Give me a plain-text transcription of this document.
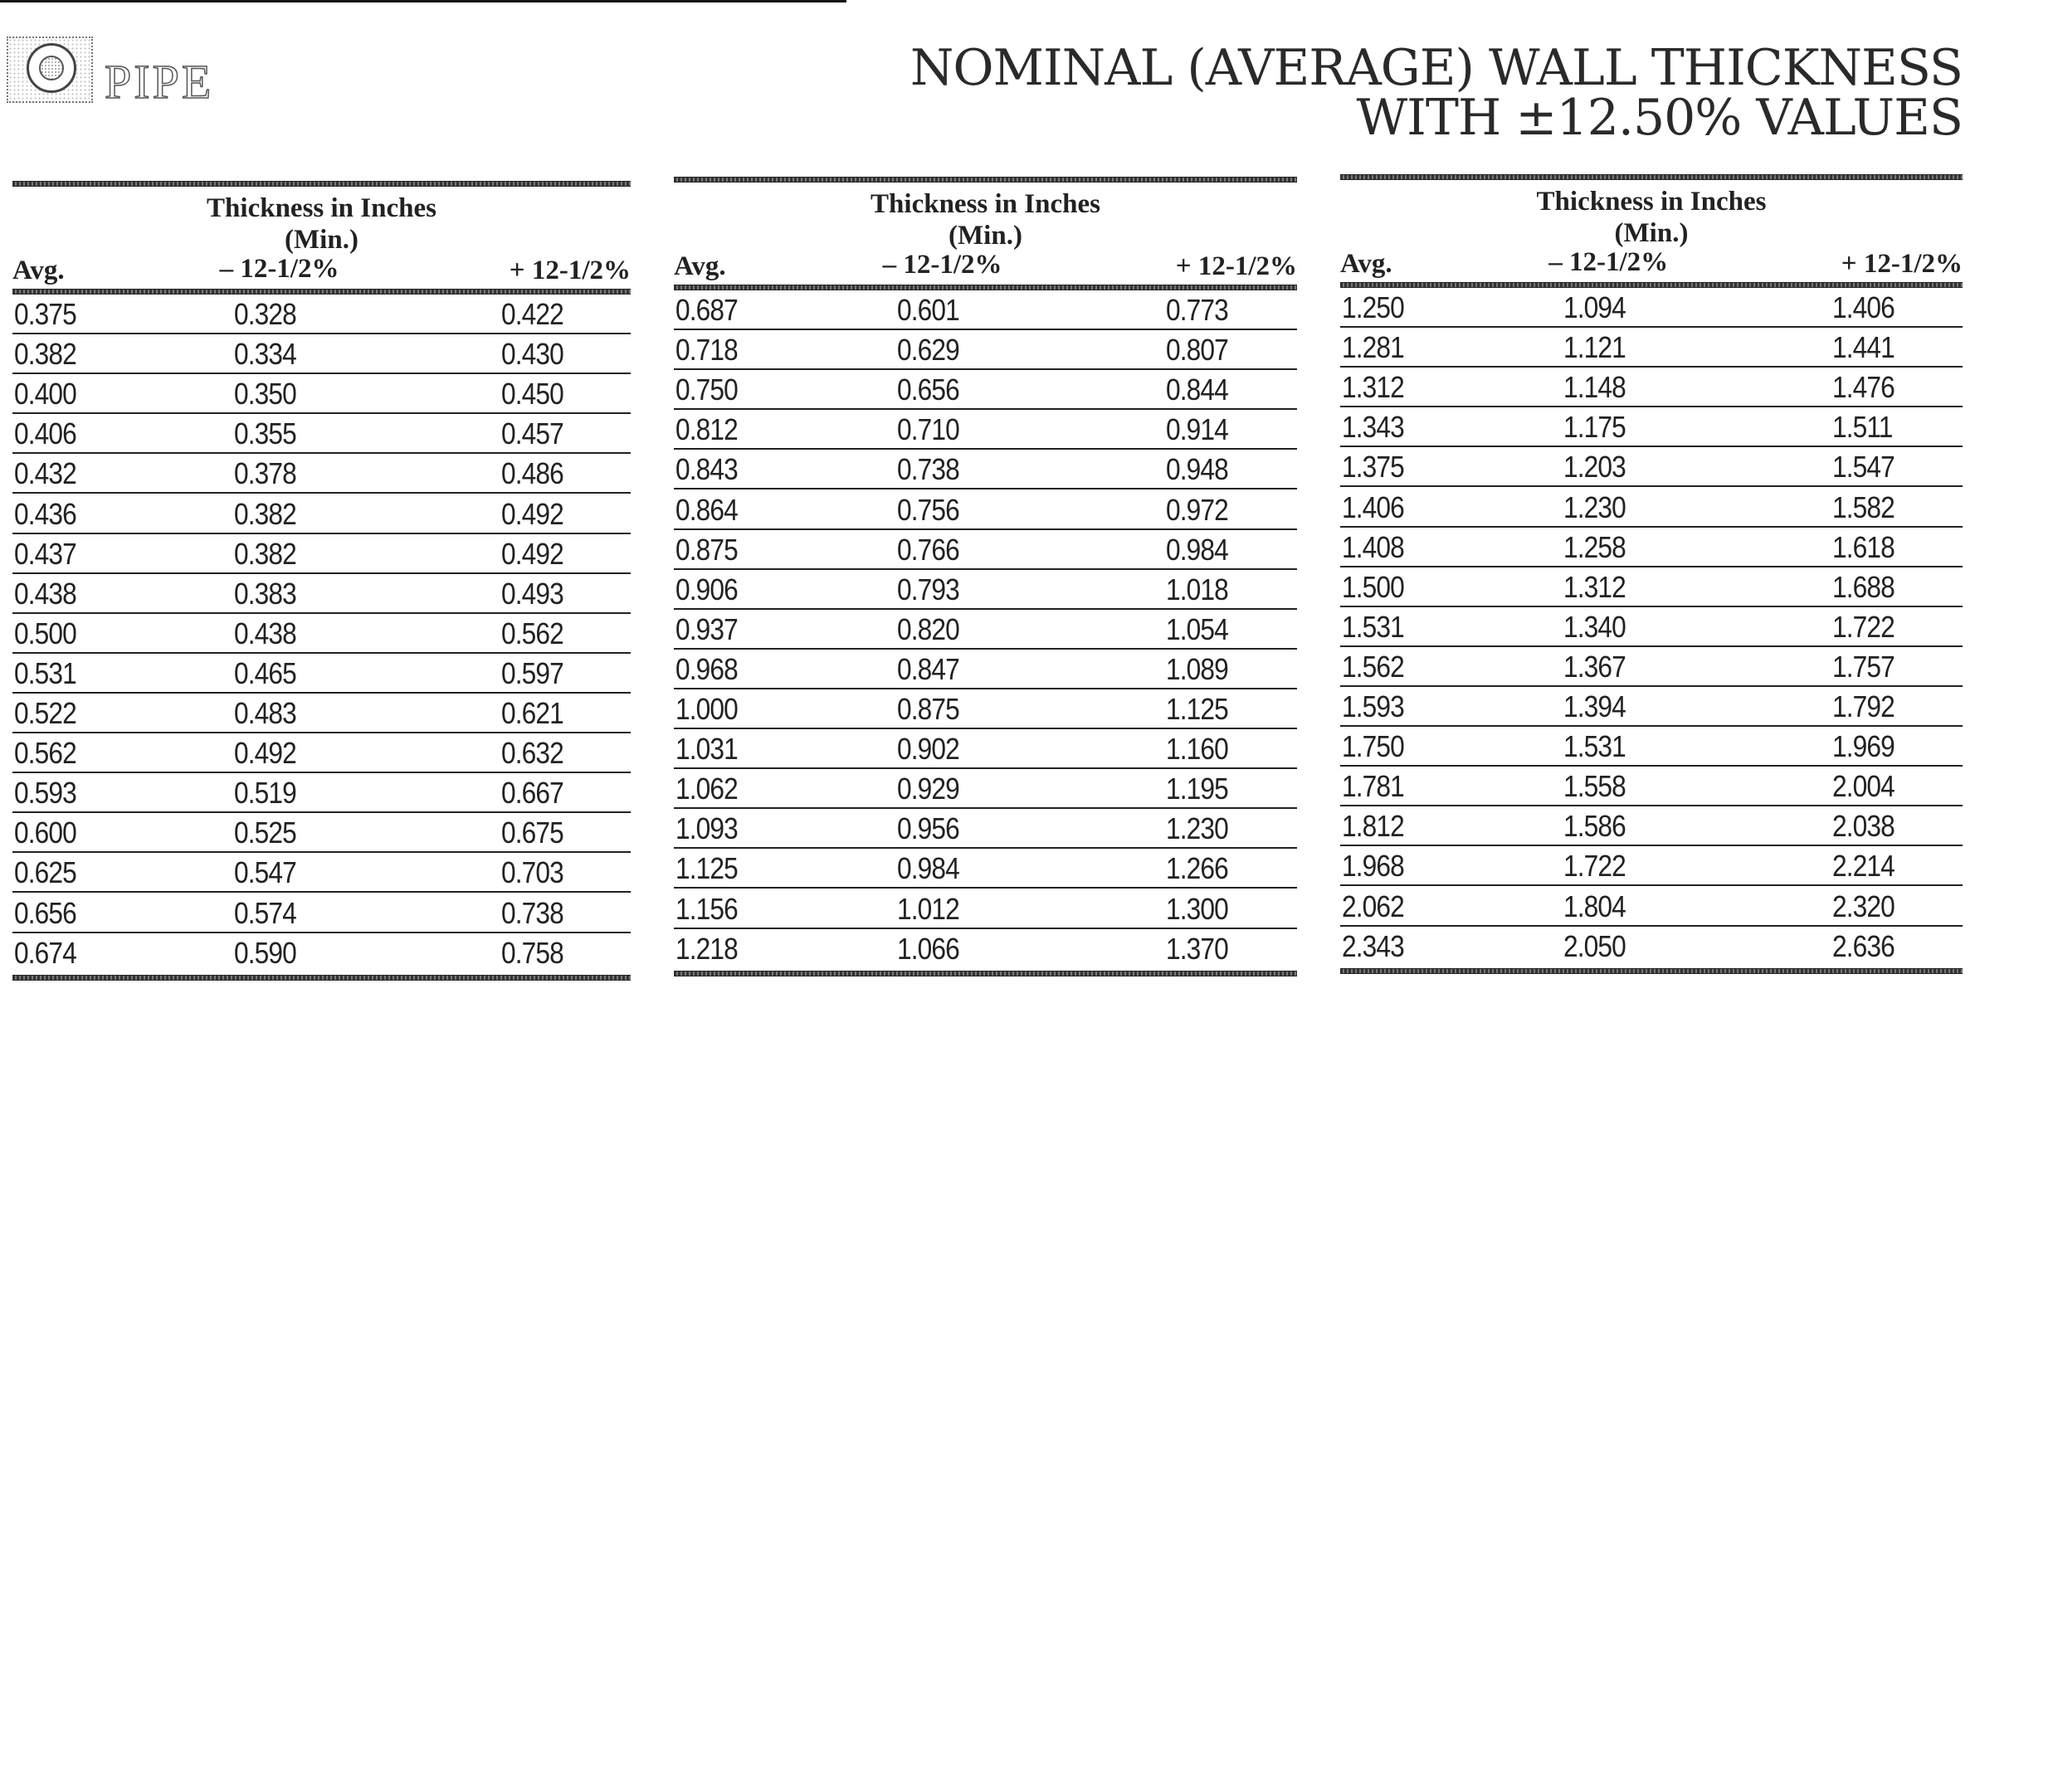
PIPE	NOMINAL (AVERAGE) WALL THICKNESS
WITH ±12.50% VALUES
Thickness in Inches
(Min.)
Avg.	– 12-1/2%	+ 12-1/2%
0.375	0.328	0.422
0.382	0.334	0.430
0.400	0.350	0.450
0.406	0.355	0.457
0.432	0.378	0.486
0.436	0.382	0.492
0.437	0.382	0.492
0.438	0.383	0.493
0.500	0.438	0.562
0.531	0.465	0.597
0.522	0.483	0.621
0.562	0.492	0.632
0.593	0.519	0.667
0.600	0.525	0.675
0.625	0.547	0.703
0.656	0.574	0.738
0.674	0.590	0.758
Thickness in Inches
(Min.)
Avg.	– 12-1/2%	+ 12-1/2%
0.687	0.601	0.773
0.718	0.629	0.807
0.750	0.656	0.844
0.812	0.710	0.914
0.843	0.738	0.948
0.864	0.756	0.972
0.875	0.766	0.984
0.906	0.793	1.018
0.937	0.820	1.054
0.968	0.847	1.089
1.000	0.875	1.125
1.031	0.902	1.160
1.062	0.929	1.195
1.093	0.956	1.230
1.125	0.984	1.266
1.156	1.012	1.300
1.218	1.066	1.370
Thickness in Inches
(Min.)
Avg.	– 12-1/2%	+ 12-1/2%
1.250	1.094	1.406
1.281	1.121	1.441
1.312	1.148	1.476
1.343	1.175	1.511
1.375	1.203	1.547
1.406	1.230	1.582
1.408	1.258	1.618
1.500	1.312	1.688
1.531	1.340	1.722
1.562	1.367	1.757
1.593	1.394	1.792
1.750	1.531	1.969
1.781	1.558	2.004
1.812	1.586	2.038
1.968	1.722	2.214
2.062	1.804	2.320
2.343	2.050	2.636
